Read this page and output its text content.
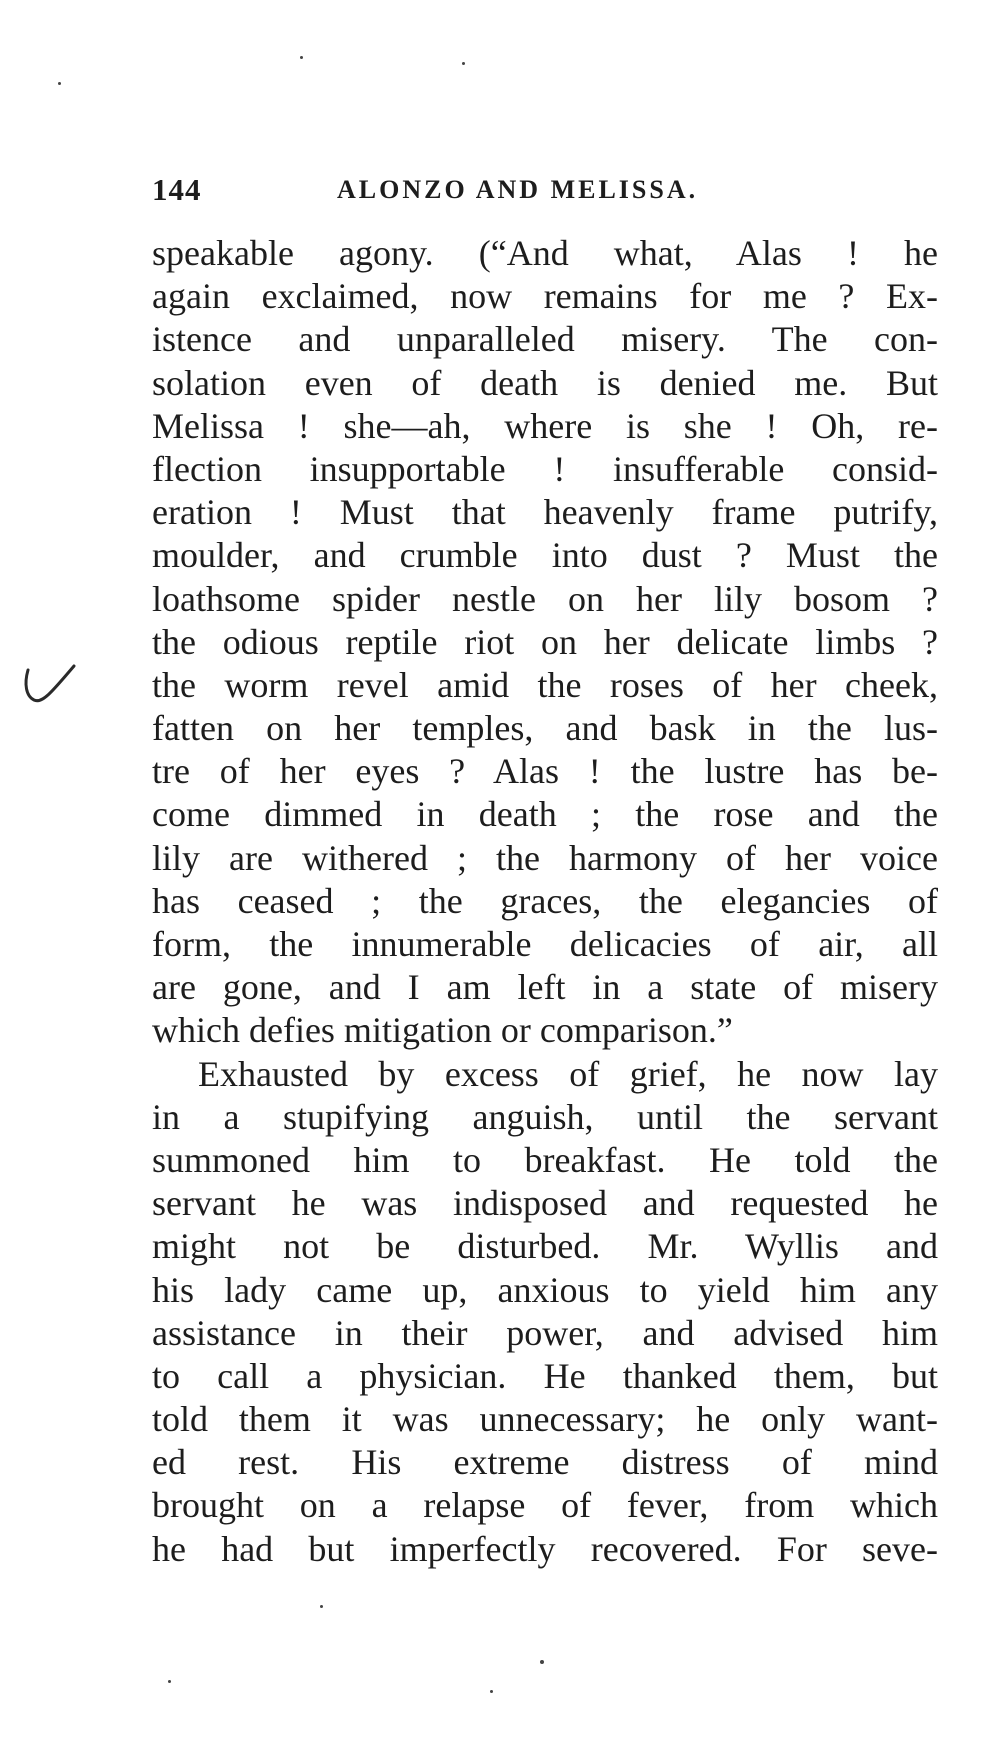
144	ALONZO AND MELISSA.
speakable agony. (“And what, Alas ! he
again exclaimed, now remains for me ? Ex-
istence and unparalleled misery. The con-
solation even of death is denied me. But
Melissa ! she—ah, where is she ! Oh, re-
flection insupportable ! insufferable consid-
eration ! Must that heavenly frame putrify,
moulder, and crumble into dust ? Must the
loathsome spider nestle on her lily bosom ?
the odious reptile riot on her delicate limbs ?
the worm revel amid the roses of her cheek,
fatten on her temples, and bask in the lus-
tre of her eyes ? Alas ! the lustre has be-
come dimmed in death ; the rose and the
lily are withered ; the harmony of her voice
has ceased ; the graces, the elegancies of
form, the innumerable delicacies of air, all
are gone, and I am left in a state of misery
which defies mitigation or comparison.”
Exhausted by excess of grief, he now lay
in a stupifying anguish, until the servant
summoned him to breakfast. He told the
servant he was indisposed and requested he
might not be disturbed. Mr. Wyllis and
his lady came up, anxious to yield him any
assistance in their power, and advised him
to call a physician. He thanked them, but
told them it was unnecessary; he only want-
ed rest. His extreme distress of mind
brought on a relapse of fever, from which
he had but imperfectly recovered. For seve-
